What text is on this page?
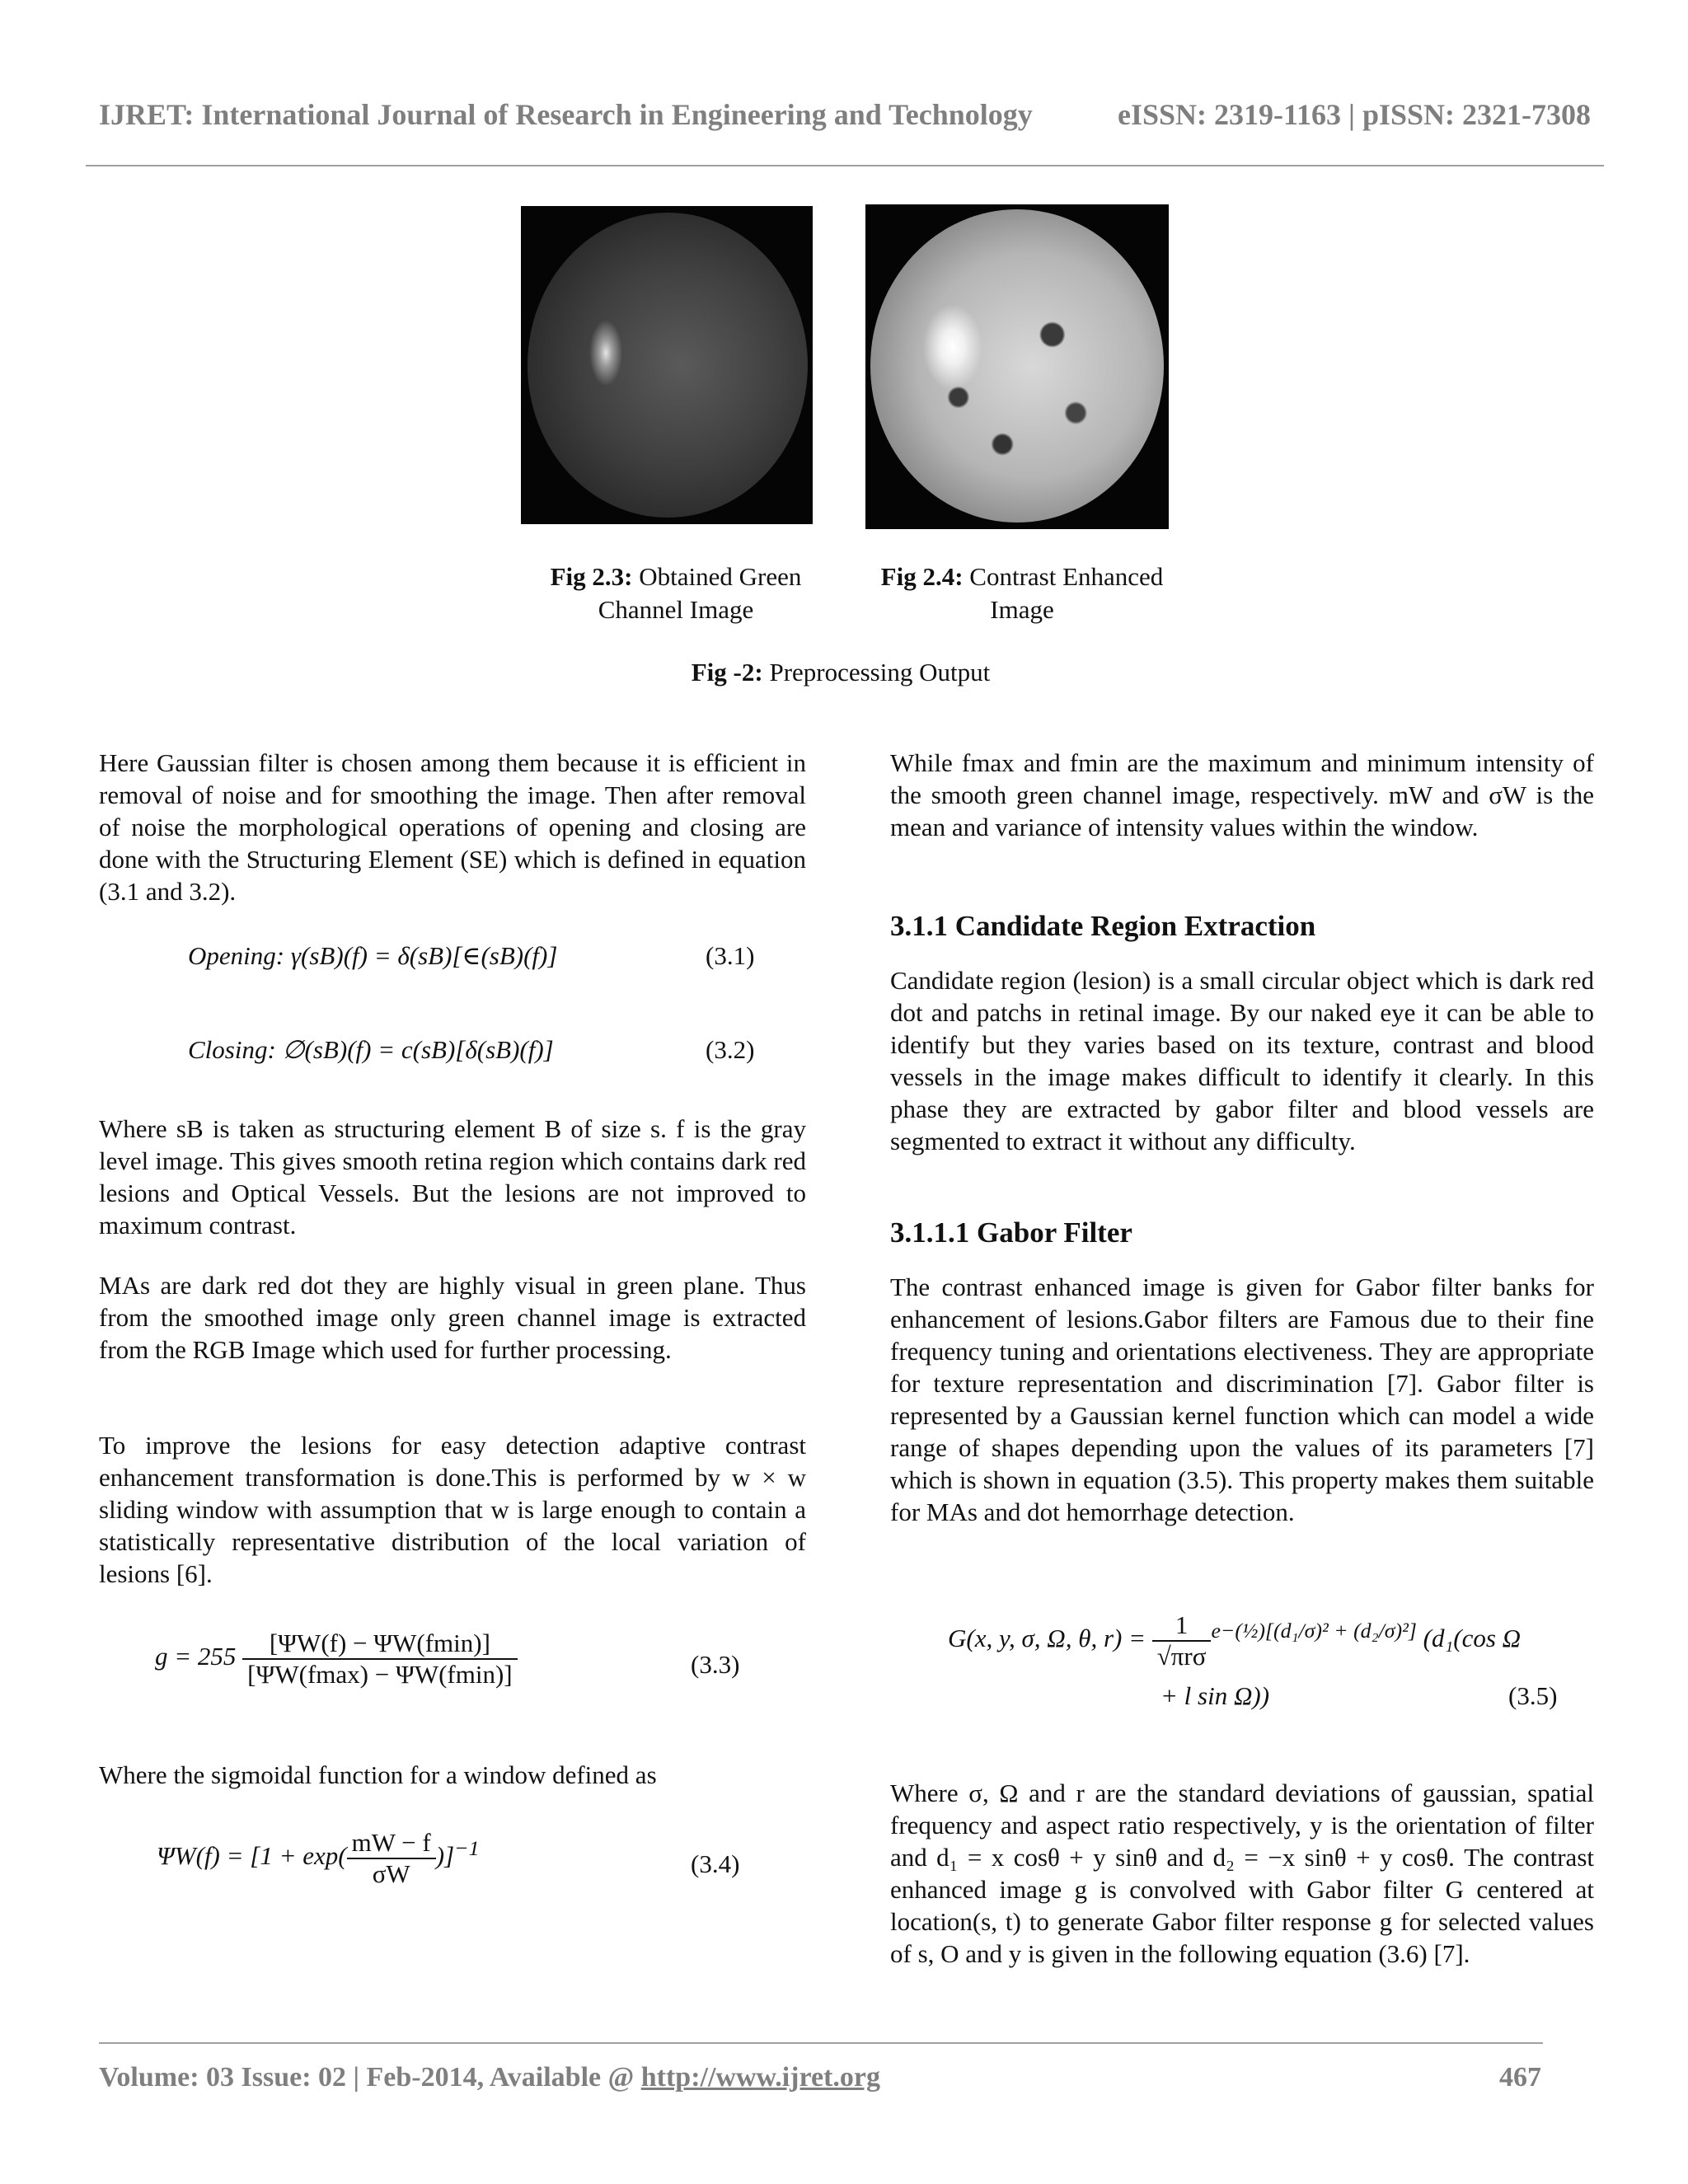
IJRET: International Journal of Research in Engineering and Technology	eISSN: 2319-1163 | pISSN: 2321-7308
Fig 2.3: Obtained Green
Channel Image
Fig 2.4: Contrast Enhanced
Image
Fig -2: Preprocessing Output

Here Gaussian filter is chosen among them because it is efficient in removal of noise and for smoothing the image. Then after removal of noise the morphological operations of opening and closing are done with the Structuring Element (SE) which is defined in equation (3.1 and 3.2).

Opening: γ(sB)(f) = δ(sB)[∈(sB)(f)]	(3.1)
Closing: ∅(sB)(f) = c(sB)[δ(sB)(f)]	(3.2)

Where sB is taken as structuring element B of size s. f is the gray level image. This gives smooth retina region which contains dark red lesions and Optical Vessels. But the lesions are not improved to maximum contrast.

MAs are dark red dot they are highly visual in green plane. Thus from the smoothed image only green channel image is extracted from the RGB Image which used for further processing.

To improve the lesions for easy detection adaptive contrast enhancement transformation is done.This is performed by w × w sliding window with assumption that w is large enough to contain a statistically representative distribution of the local variation of lesions [6].

$g = 255 \frac{[\Psi W(f) - \Psi W(fmin)]}{[\Psi W(fmax) - \Psi W(fmin)]}$	(3.3)

Where the sigmoidal function for a window defined as

$\Psi W(f) = [1 + \exp( \frac{mW - f}{\sigma W} )]^{-1}$
(3.4)

While fmax and fmin are the maximum and minimum intensity of the smooth green channel image, respectively. mW and σW is the mean and variance of intensity values within the window.

3.1.1 Candidate Region Extraction

Candidate region (lesion) is a small circular object which is dark red dot and patchs in retinal image. By our naked eye it can be able to identify but they varies based on its texture, contrast and blood vessels in the image makes difficult to identify it clearly. In this phase they are extracted by gabor filter and blood vessels are segmented to extract it without any difficulty.

3.1.1.1 Gabor Filter

The contrast enhanced image is given for Gabor filter banks for enhancement of lesions.Gabor filters are Famous due to their fine frequency tuning and orientations electiveness. They are appropriate for texture representation and discrimination [7]. Gabor filter is represented by a Gaussian kernel function which can model a wide range of shapes depending upon the values of its parameters [7] which is shown in equation (3.5). This property makes them suitable for MAs and dot hemorrhage detection.

G(x, y, σ, Ω, θ, $r) = \frac{1}{\text{√πrσ}} ^{e-(\frac{1}{2})[(d_1/\sigma)^2 + (d_2/\sigma)^2]}$ (d₁(cos Ω
+ l sin Ω))	(3.5)

Where σ, Ω and r are the standard deviations of gaussian, spatial frequency and aspect ratio respectively, y is the orientation of filter and d₁ = x cosθ + y sinθ and d₂ = −x sinθ + y cosθ. The contrast enhanced image g is convolved with Gabor filter G centered at location(s, t) to generate Gabor filter response g for selected values of s, O and y is given in the following equation (3.6) [7].

Volume: 03 Issue: 02 | Feb-2014, Available @ http://www.ijret.org	467
